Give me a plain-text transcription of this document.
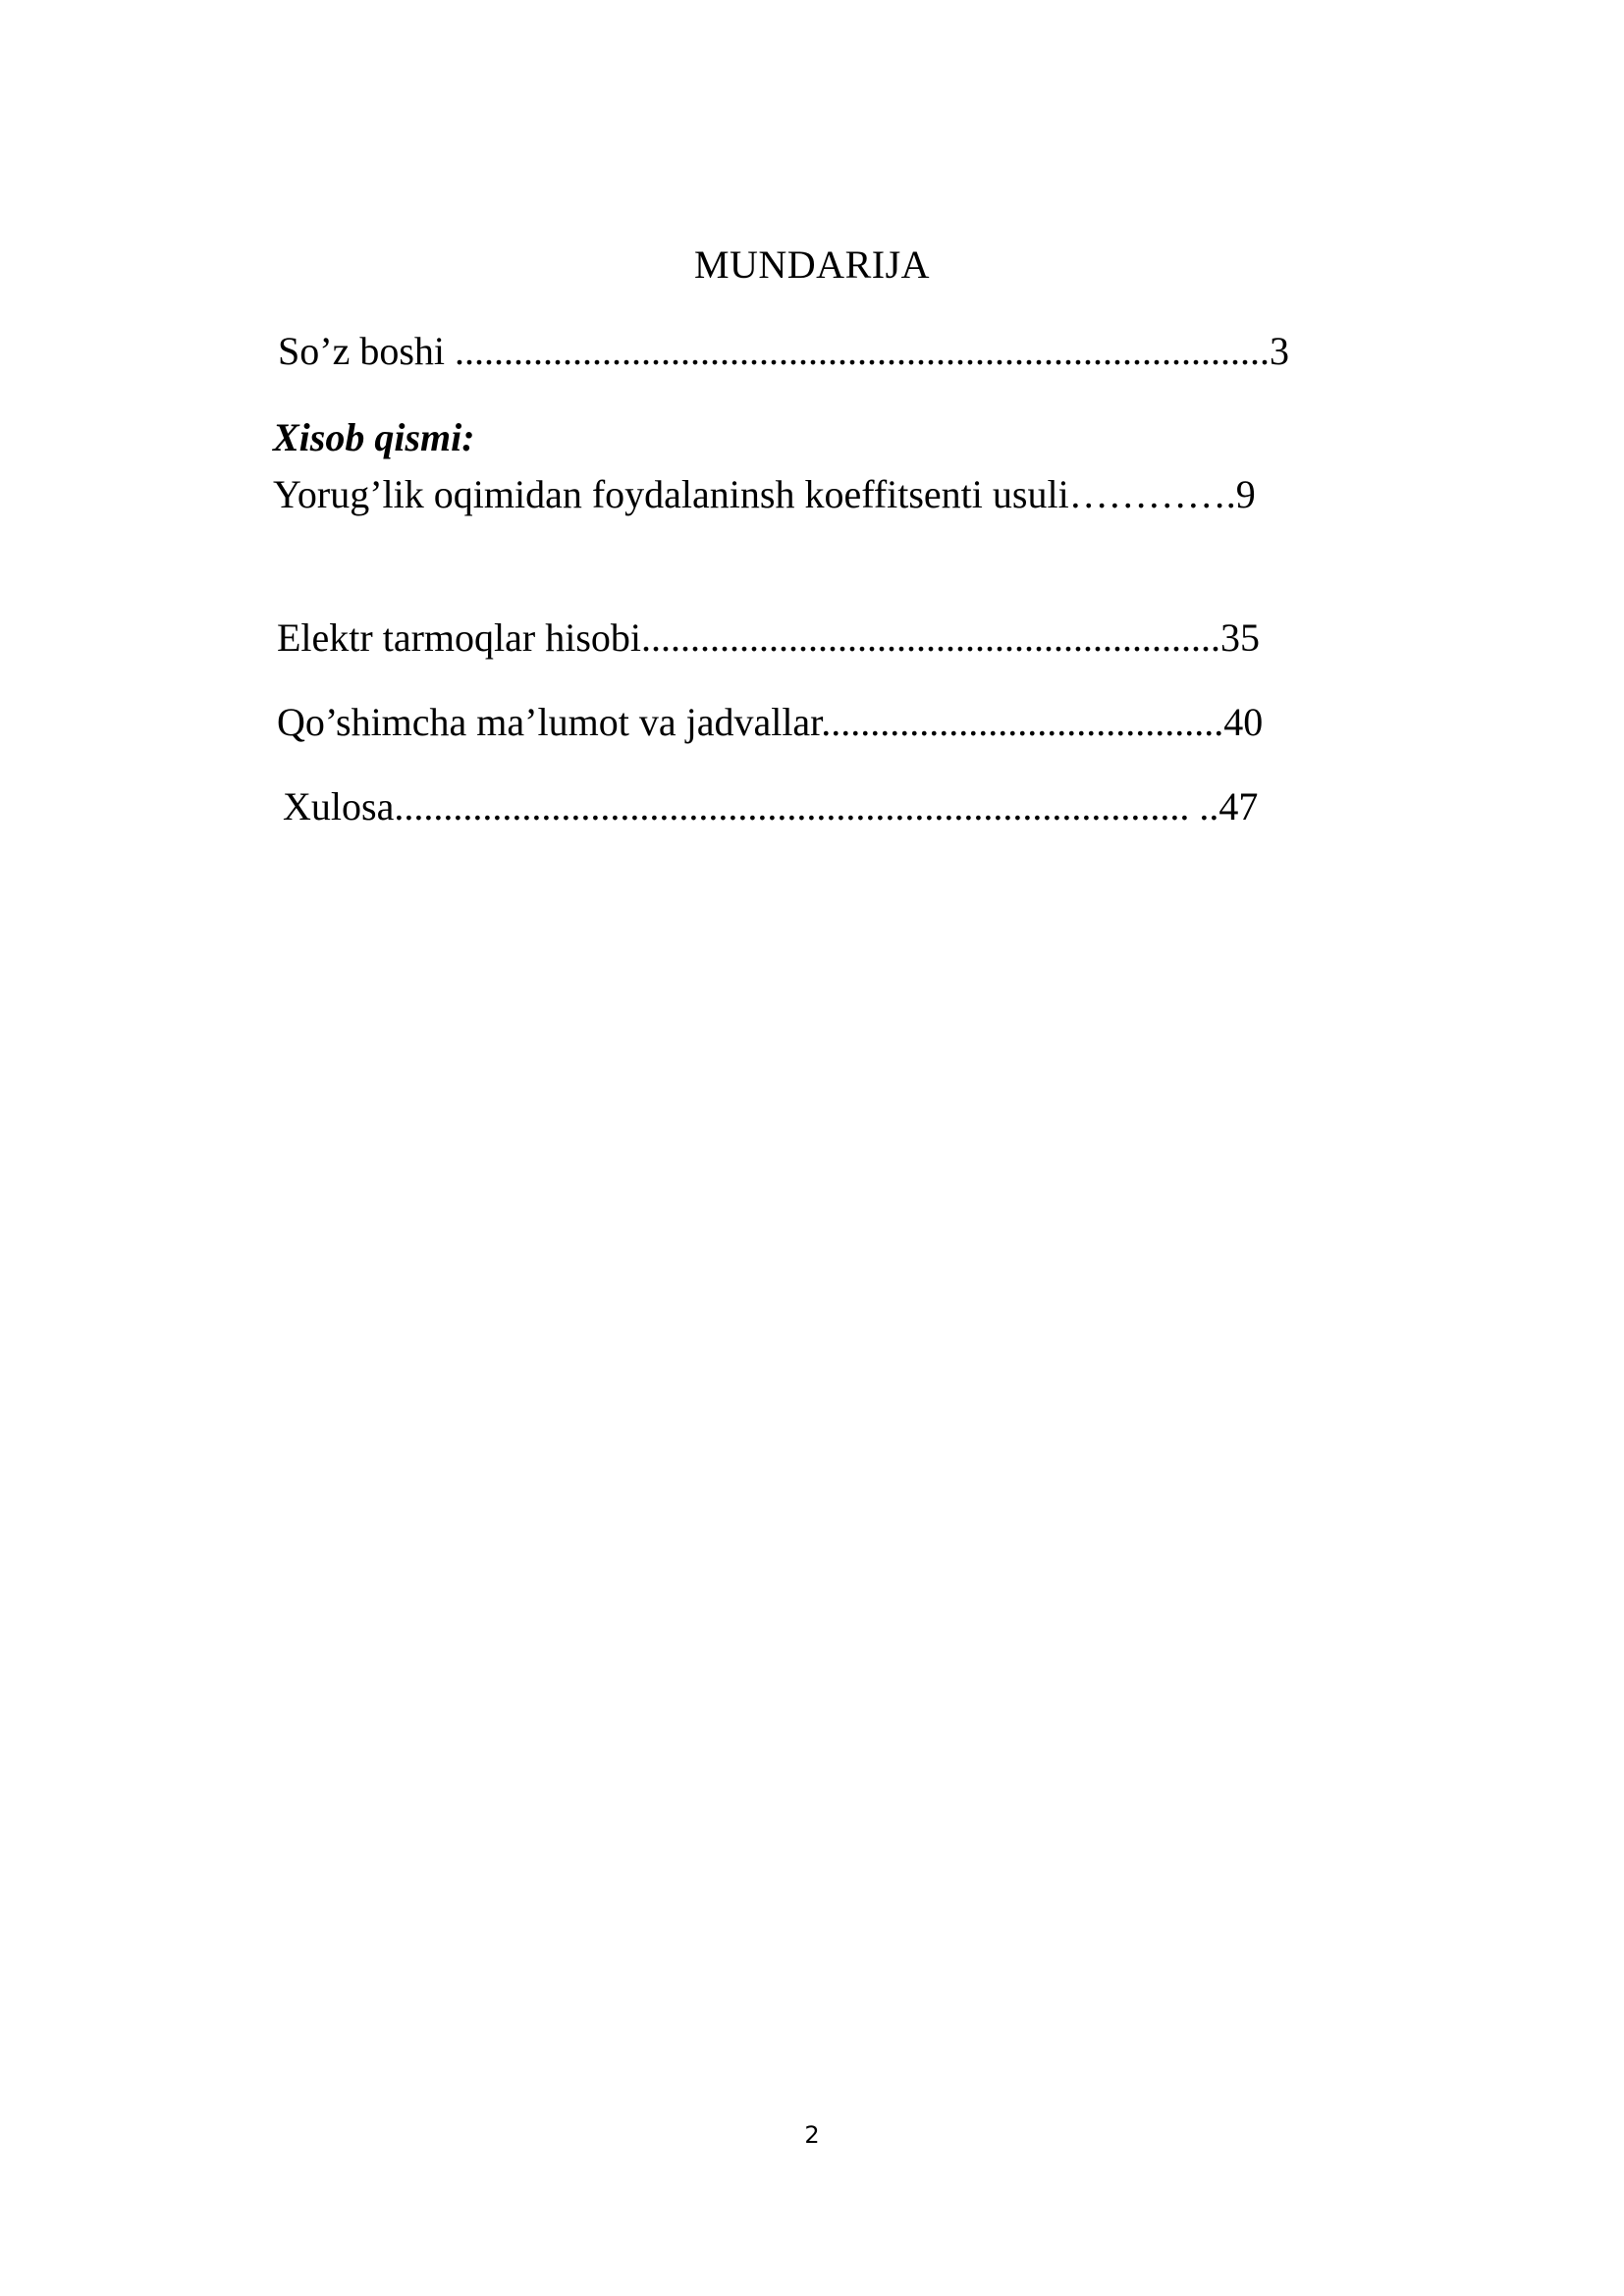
MUNDARIJA
So’z boshi ...................................................................................3
Xisob qismi:
Yorug’lik oqimidan foydalaninsh koeffitsenti usuli………….9
Elektr tarmoqlar hisobi...........................................................35
Qo’shimcha ma’lumot va jadvallar.........................................40
Xulosa................................................................................. ..47
2
